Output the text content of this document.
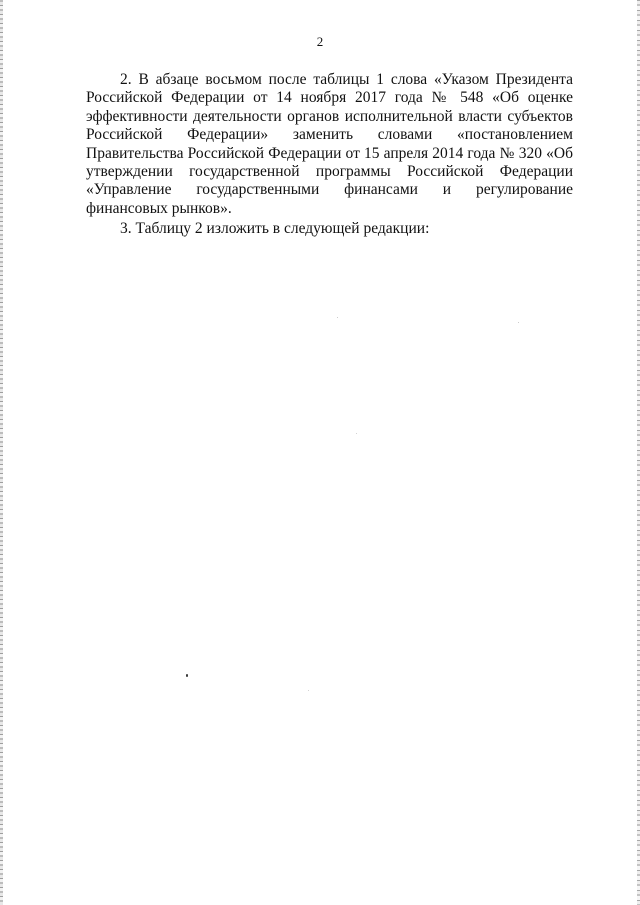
2

2. В абзаце восьмом после таблицы 1 слова «Указом Президента Российской Федерации от 14 ноября 2017 года № 548 «Об оценке эффективности деятельности органов исполнительной власти субъектов Российской Федерации» заменить словами «постановлением Правительства Российской Федерации от 15 апреля 2014 года № 320 «Об утверждении государственной программы Российской Федерации «Управление государственными финансами и регулирование финансовых рынков».

3. Таблицу 2 изложить в следующей редакции:
